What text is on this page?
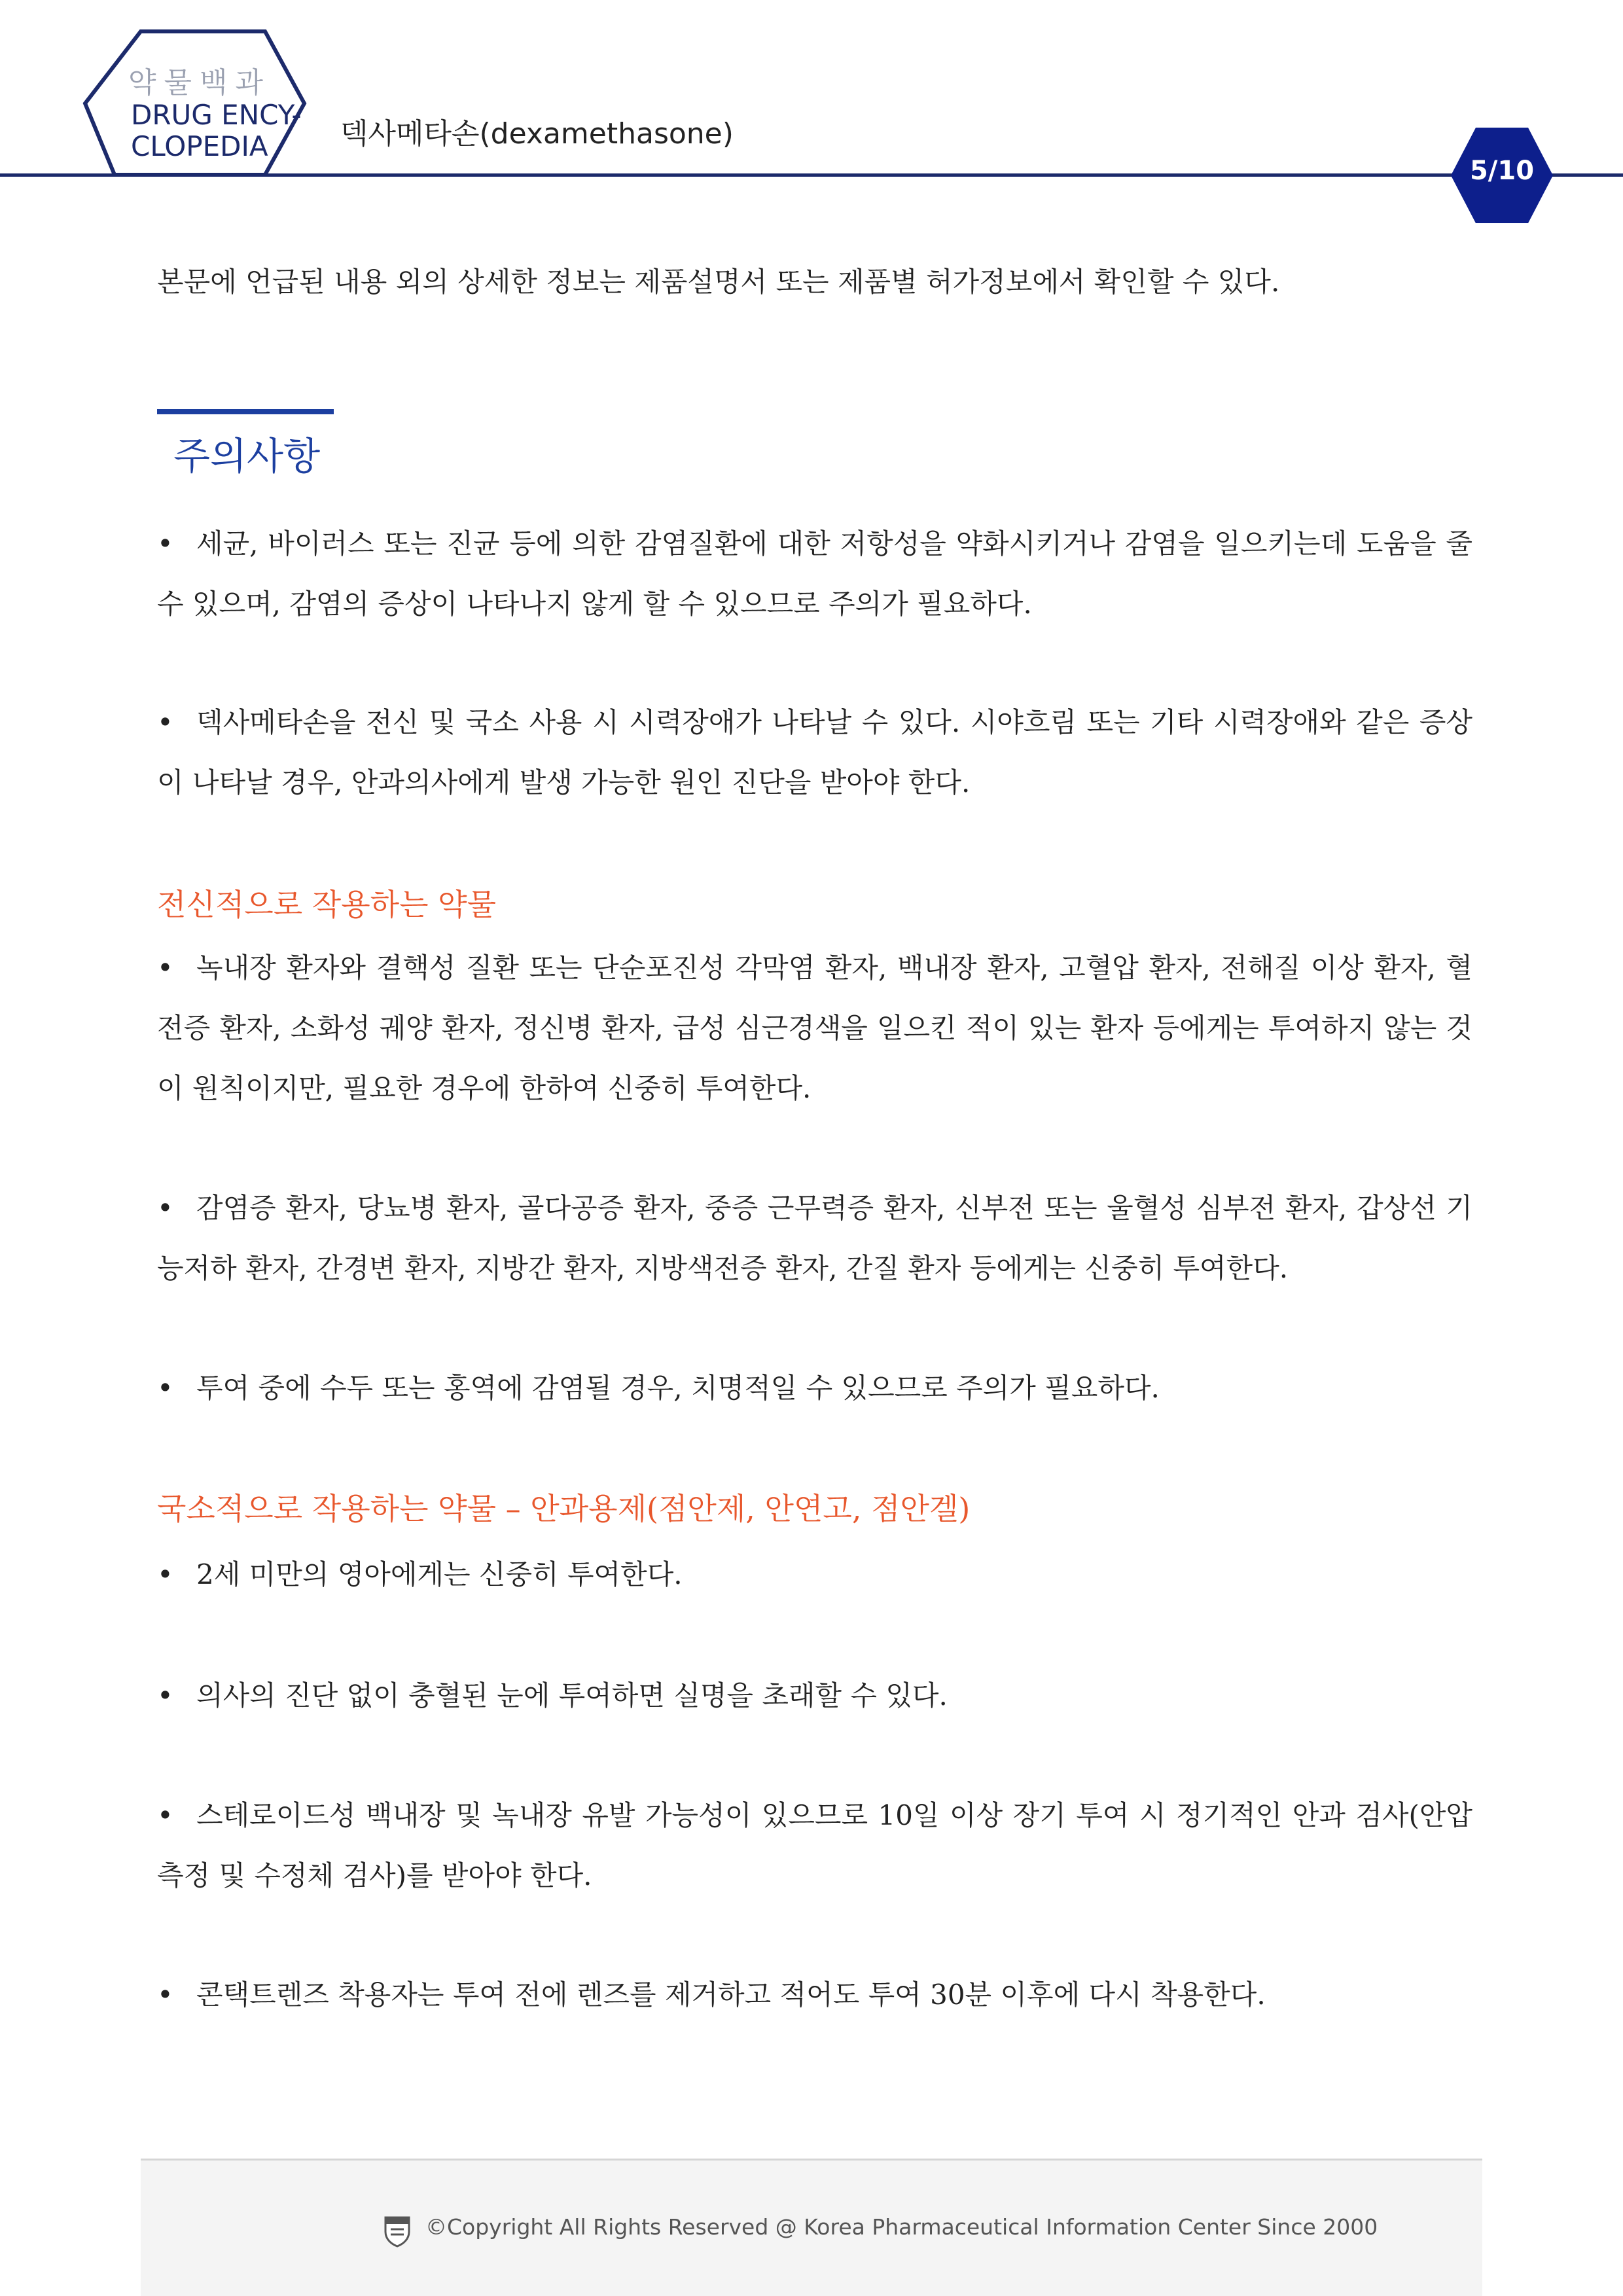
약물백과
DRUG ENCY-
CLOPEDIA	덱사메타손(dexamethasone)
5/10
본문에 언급된 내용 외의 상세한 정보는 제품설명서 또는 제품별 허가정보에서 확인할 수 있다.
주의사항
• 세균, 바이러스 또는 진균 등에 의한 감염질환에 대한 저항성을 약화시키거나 감염을 일으키는데 도움을 줄 수 있으며, 감염의 증상이 나타나지 않게 할 수 있으므로 주의가 필요하다.
• 덱사메타손을 전신 및 국소 사용 시 시력장애가 나타날 수 있다. 시야흐림 또는 기타 시력장애와 같은 증상이 나타날 경우, 안과의사에게 발생 가능한 원인 진단을 받아야 한다.
전신적으로 작용하는 약물
• 녹내장 환자와 결핵성 질환 또는 단순포진성 각막염 환자, 백내장 환자, 고혈압 환자, 전해질 이상 환자, 혈전증 환자, 소화성 궤양 환자, 정신병 환자, 급성 심근경색을 일으킨 적이 있는 환자 등에게는 투여하지 않는 것이 원칙이지만, 필요한 경우에 한하여 신중히 투여한다.
• 감염증 환자, 당뇨병 환자, 골다공증 환자, 중증 근무력증 환자, 신부전 또는 울혈성 심부전 환자, 갑상선 기능저하 환자, 간경변 환자, 지방간 환자, 지방색전증 환자, 간질 환자 등에게는 신중히 투여한다.
• 투여 중에 수두 또는 홍역에 감염될 경우, 치명적일 수 있으므로 주의가 필요하다.
국소적으로 작용하는 약물 – 안과용제(점안제, 안연고, 점안겔)
• 2세 미만의 영아에게는 신중히 투여한다.
• 의사의 진단 없이 충혈된 눈에 투여하면 실명을 초래할 수 있다.
• 스테로이드성 백내장 및 녹내장 유발 가능성이 있으므로 10일 이상 장기 투여 시 정기적인 안과 검사(안압 측정 및 수정체 검사)를 받아야 한다.
• 콘택트렌즈 착용자는 투여 전에 렌즈를 제거하고 적어도 투여 30분 이후에 다시 착용한다.
©Copyright All Rights Reserved @ Korea Pharmaceutical Information Center Since 2000
